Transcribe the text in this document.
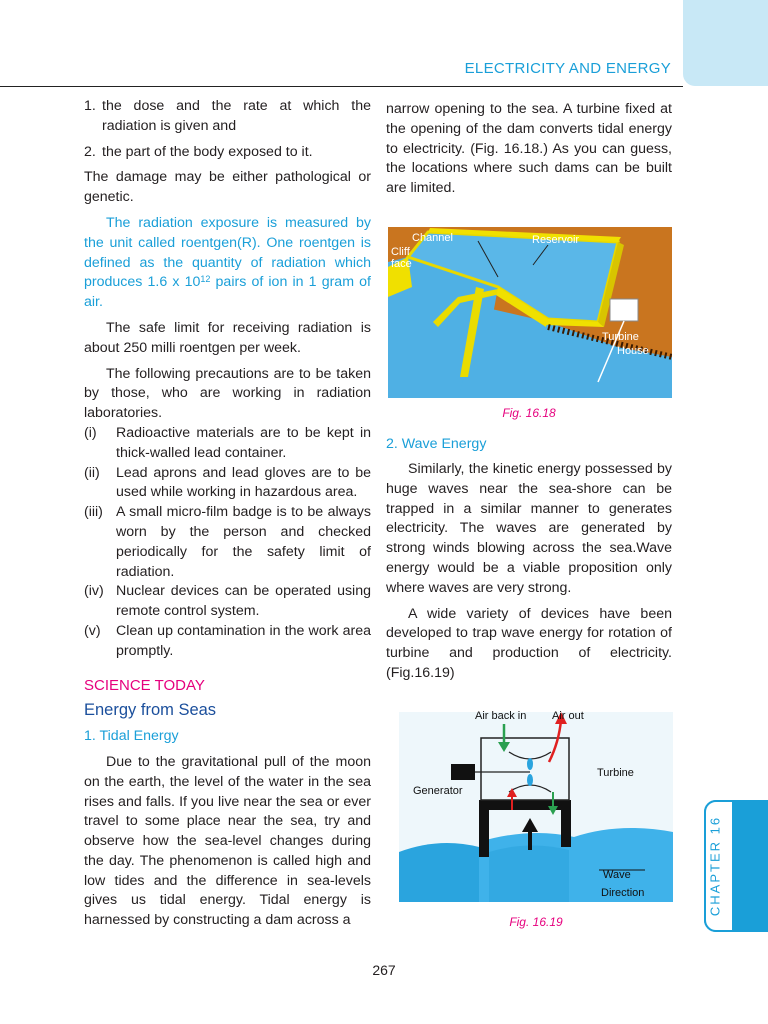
ELECTRICITY AND ENERGY
1. the dose and the rate at which the radiation is given and
2. the part of the body exposed to it.

The damage may be either pathological or genetic.

The radiation exposure is measured by the unit called roentgen(R). One roentgen is defined as the quantity of radiation which produces 1.6 x $10^{12}$ pairs of ion in 1 gram of air.

The safe limit for receiving radiation is about 250 milli roentgen per week.

The following precautions are to be taken by those, who are working in radiation laboratories.

(i)	Radioactive materials are to be kept in thick-walled lead container.
(ii)	Lead aprons and lead gloves are to be used while working in hazardous area.
(iii) A small micro-film badge is to be always worn by the person and checked periodically for the safety limit of radiation.
(iv) Nuclear devices can be operated using remote control system.
(v)	Clean up contamination in the work area promptly.
SCIENCE TODAY
Energy from Seas
1. Tidal Energy

Due to the gravitational pull of the moon on the earth, the level of the water in the sea rises and falls. If you live near the sea or ever travel to some place near the sea, try and observe how the sea-level changes during the day. The phenomenon is called high and low tides and the difference in sea-levels gives us tidal energy. Tidal energy is harnessed by constructing a dam across a

narrow opening to the sea. A turbine fixed at the opening of the dam converts tidal energy to electricity. (Fig. 16.18.) As you can guess, the locations where such dams can be built are limited.

Channel	Reservoir
Cliff
face
Turbine
House
Fig. 16.18
2. Wave Energy

Similarly, the kinetic energy possessed by huge waves near the sea-shore can be trapped in a similar manner to generates electricity. The waves are generated by strong winds blowing across the sea.Wave energy would be a viable proposition only where waves are very strong.

A wide variety of devices have been developed to trap wave energy for rotation of turbine and production of electricity. (Fig.16.19)

Air back in Air out
Turbine
Generator
Wave
Direction
Fig. 16.19
267
CHAPTER 16
